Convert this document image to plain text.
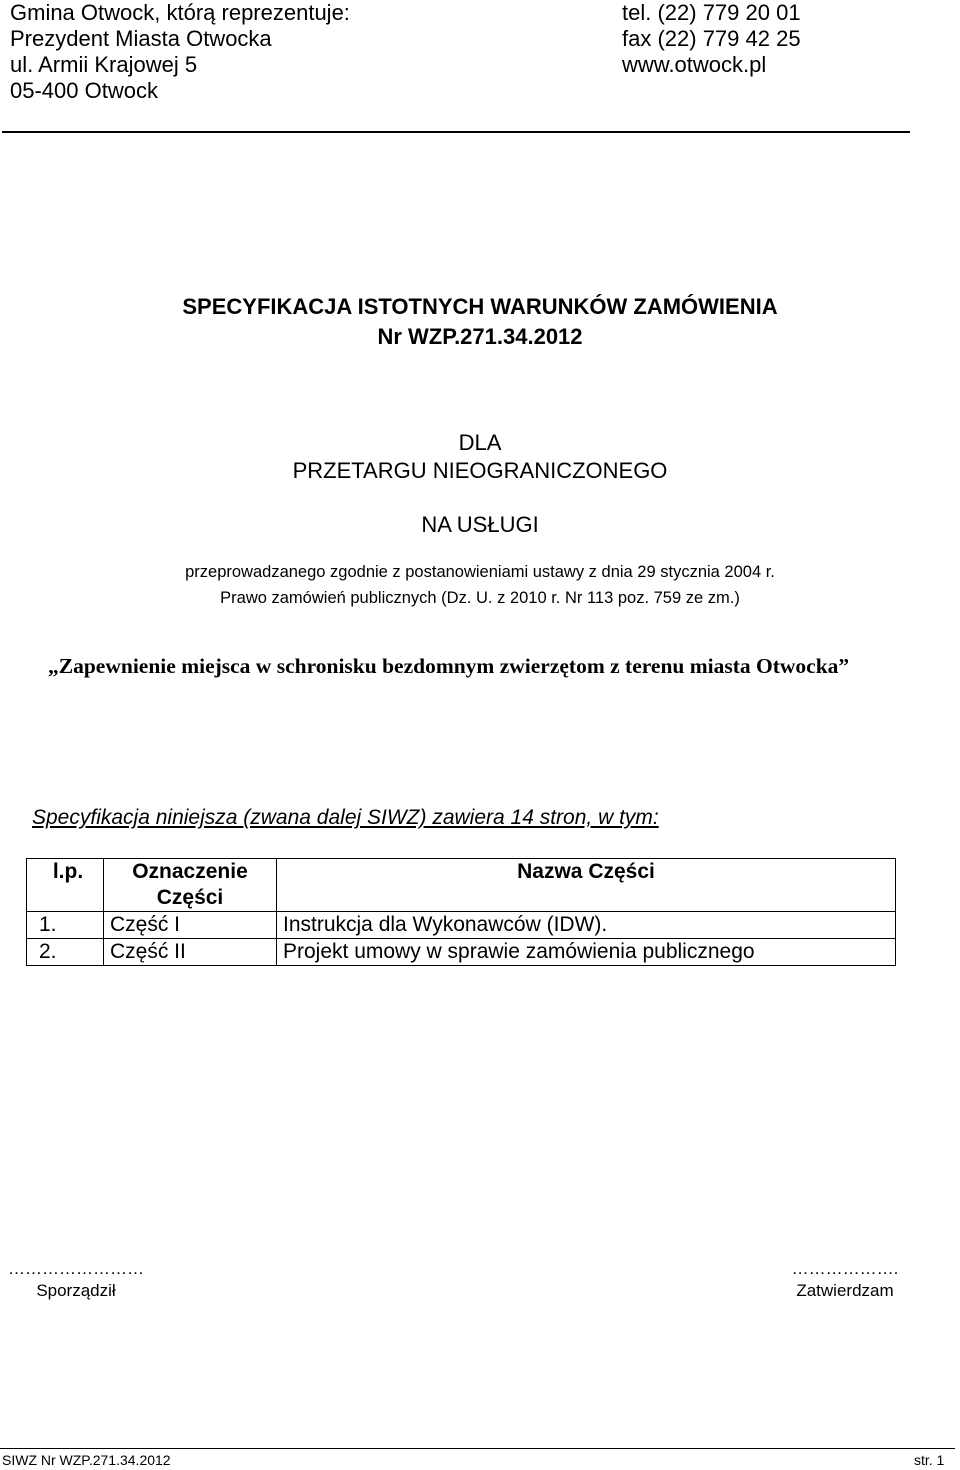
Gmina Otwock, którą reprezentuje:
Prezydent Miasta Otwocka
ul. Armii Krajowej 5
05-400 Otwock
tel. (22) 779 20 01
fax (22) 779 42 25
www.otwock.pl
SPECYFIKACJA ISTOTNYCH WARUNKÓW ZAMÓWIENIA
Nr WZP.271.34.2012
DLA
PRZETARGU NIEOGRANICZONEGO
NA USŁUGI
przeprowadzanego zgodnie z postanowieniami ustawy z dnia 29 stycznia 2004 r.
Prawo zamówień publicznych (Dz. U. z 2010 r. Nr 113 poz. 759 ze zm.)
„Zapewnienie miejsca w schronisku bezdomnym zwierzętom z terenu miasta Otwocka”
Specyfikacja niniejsza (zwana dalej SIWZ) zawiera 14 stron, w tym:
l.p.	Oznaczenie Części	Nazwa Części
1.	Część I	Instrukcja dla Wykonawców (IDW).
2.	Część II	Projekt umowy w sprawie zamówienia publicznego
……………………
Sporządził
……………….
Zatwierdzam
SIWZ Nr WZP.271.34.2012	str. 1
